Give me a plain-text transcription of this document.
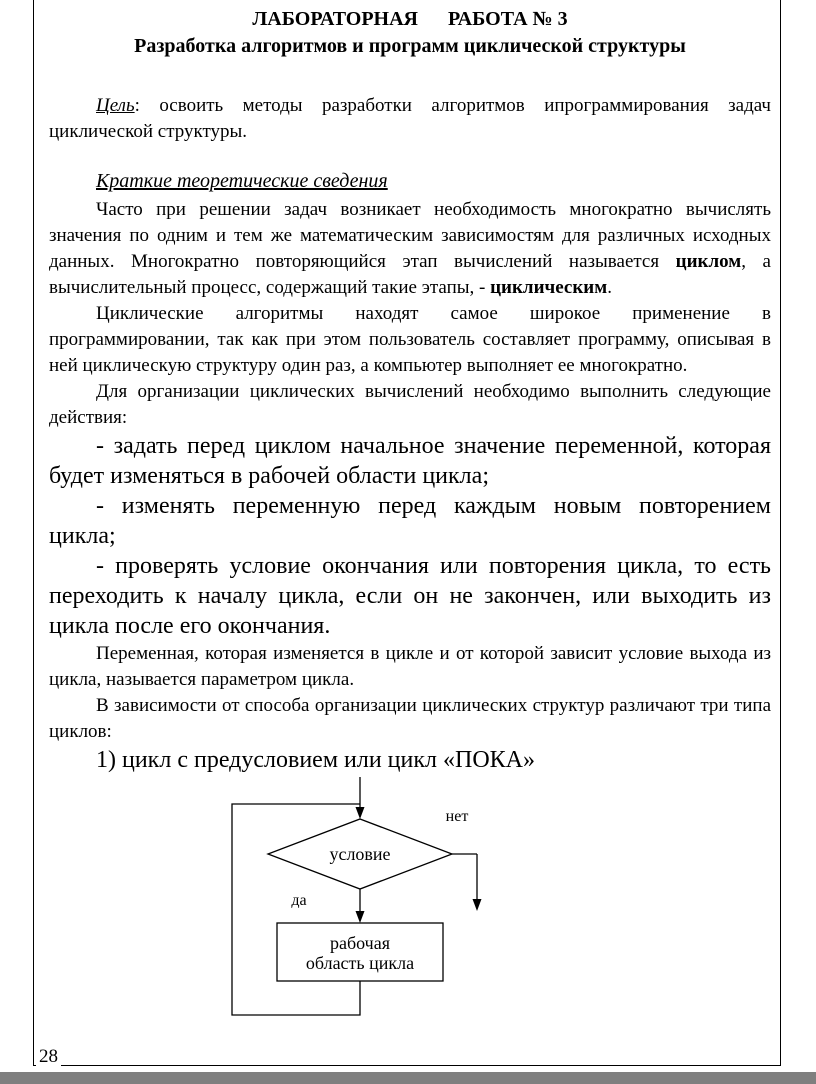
ЛАБОРАТОРНАЯ      РАБОТА № 3
Разработка алгоритмов и программ циклической структуры

Цель: освоить методы разработки алгоритмов ипрограммирования задач циклической структуры.

Краткие теоретические сведения

Часто при решении задач возникает необходимость многократно вычислять значения по одним и тем же математическим зависимостям для различных исходных данных. Многократно повторяющийся этап вычислений называется циклом, а вычислительный процесс, содержащий такие этапы, - циклическим.

Циклические алгоритмы находят самое широкое применение в программировании, так как при этом пользователь составляет программу, описывая в ней циклическую структуру один раз, а компьютер выполняет ее многократно.

Для организации циклических вычислений необходимо выполнить следующие действия:

- задать перед циклом начальное значение переменной, которая будет изменяться в рабочей области цикла;

- изменять переменную перед каждым новым повторением цикла;

- проверять условие окончания или повторения цикла, то есть переходить к началу цикла, если он не закончен, или выходить из цикла после его окончания.

Переменная, которая изменяется в цикле и от которой зависит условие выхода из цикла, называется параметром цикла.

В зависимости от способа организации циклических структур различают три типа циклов:

1) цикл с предусловием или цикл «ПОКА»

условие
нет
да
рабочая
область цикла
28
